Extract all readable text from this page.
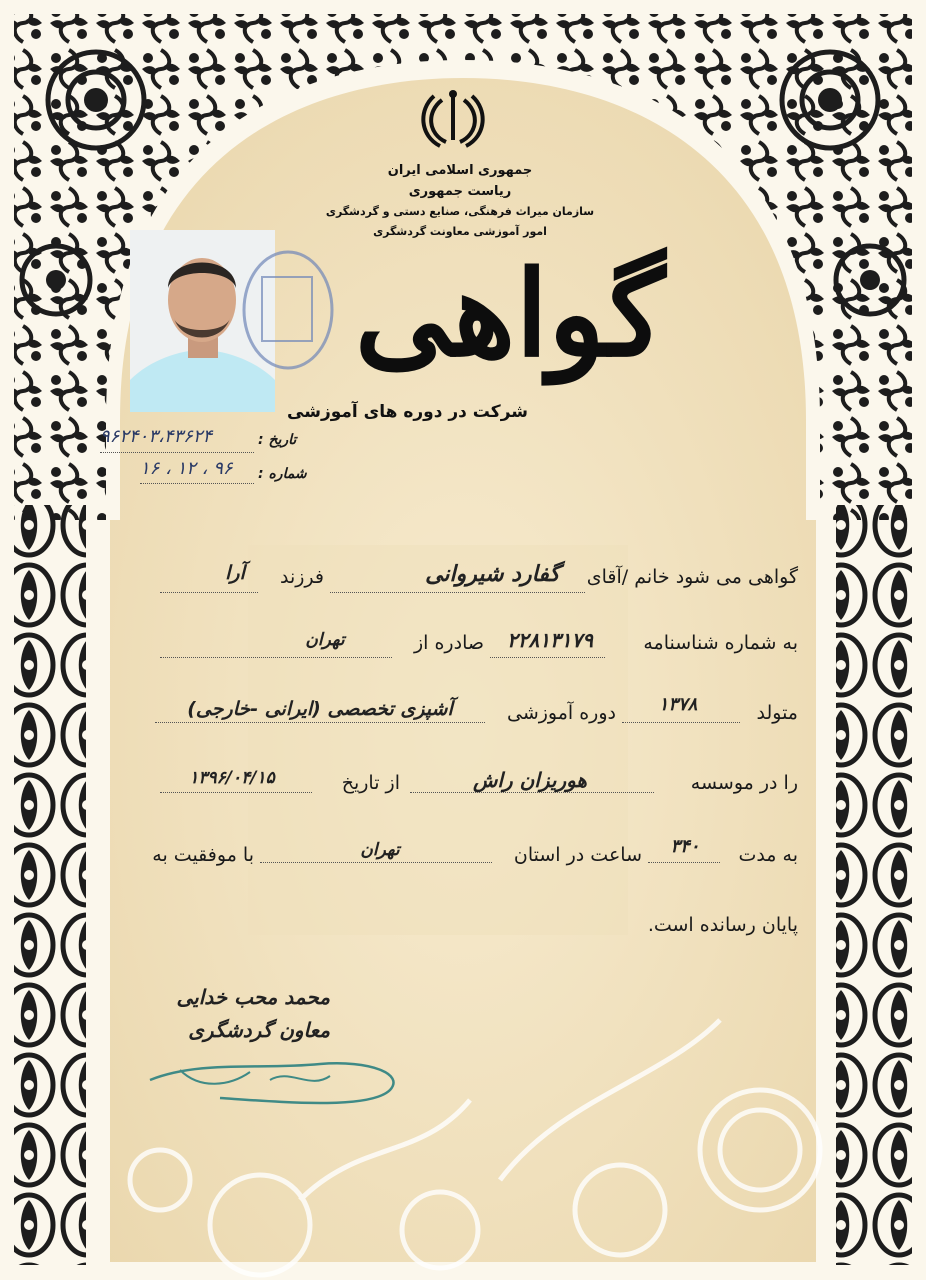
جمهوری اسلامی ایران
ریاست جمهوری
سازمان میراث فرهنگی، صنایع دستی و گردشگری
امور آموزشی معاونت گردشگری
گواهی
شرکت در دوره های آموزشی
تاریخ :
۹۶۲۴۰۳،۴۳۶۲۴
شماره :
۹۶ ، ۱۲ ، ۱۶
گواهی می شود خانم /آقای
گفارد شیروانی
فرزند
آرا
به شماره شناسنامه
۲۲۸۱۳۱۷۹
صادره از
تهران
متولد
۱۳۷۸
دوره آموزشی
آشپزی تخصصی (ایرانی -خارجی)
را در موسسه
هوریزان راش
از تاریخ
۱۳۹۶/۰۴/۱۵
به مدت
۳۴۰
ساعت در استان
تهران
با موفقیت به
پایان رسانده است.
محمد محب خدایی
معاون گردشگری
